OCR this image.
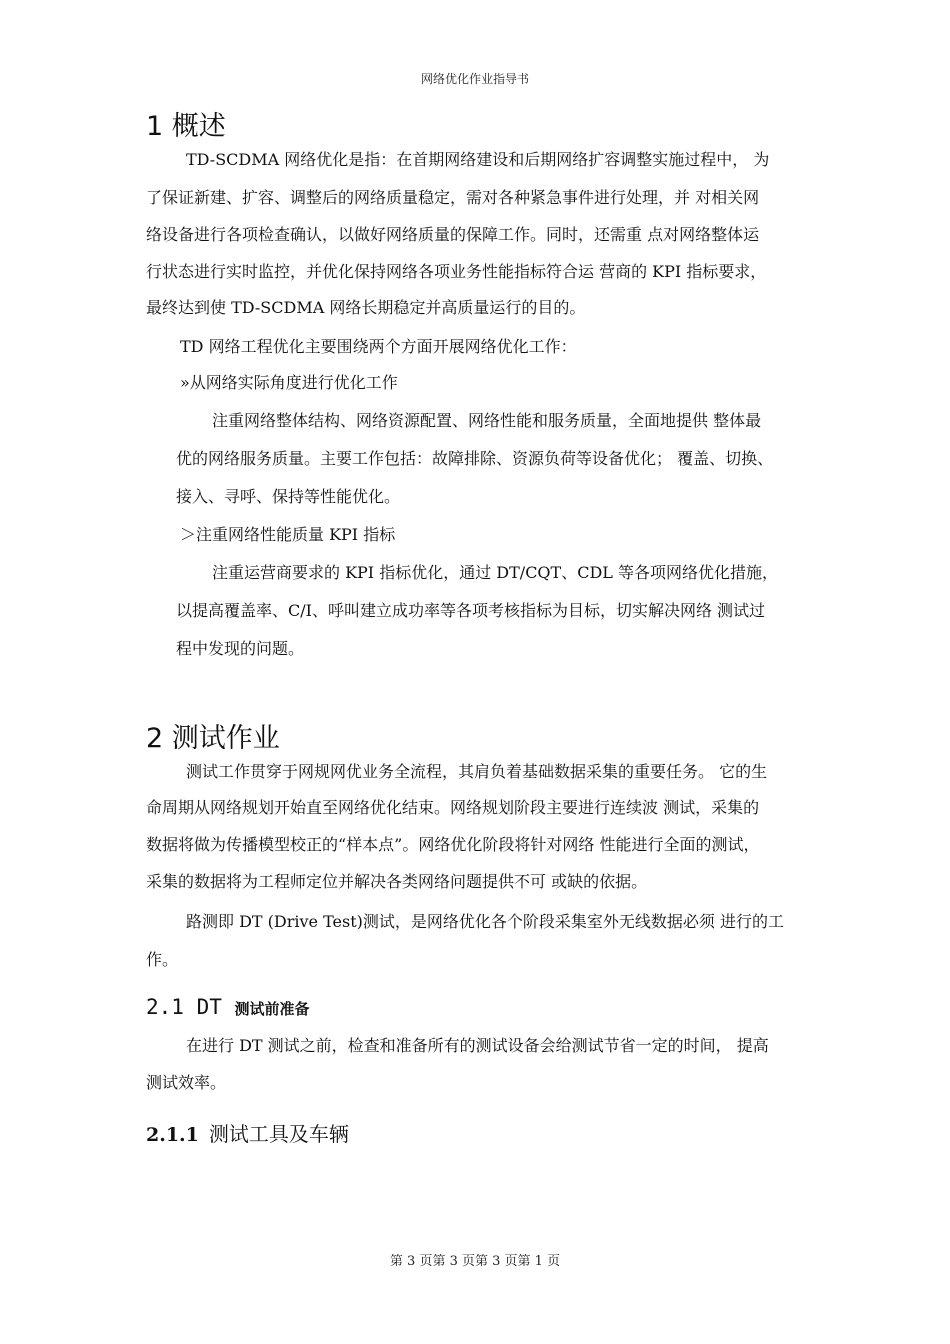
网络优化作业指导书
1 概述
TD-SCDMA 网络优化是指：在首期网络建设和后期网络扩容调整实施过程中， 为
了保证新建、扩容、调整后的网络质量稳定，需对各种紧急事件进行处理，并 对相关网
络设备进行各项检查确认，以做好网络质量的保障工作。同时，还需重 点对网络整体运
行状态进行实时监控，并优化保持网络各项业务性能指标符合运 营商的 KPI 指标要求，
最终达到使 TD-SCDMA 网络长期稳定并高质量运行的目的。
TD 网络工程优化主要围绕两个方面开展网络优化工作：
»从网络实际角度进行优化工作
注重网络整体结构、网络资源配置、网络性能和服务质量，全面地提供 整体最
优的网络服务质量。主要工作包括：故障排除、资源负荷等设备优化； 覆盖、切换、
接入、寻呼、保持等性能优化。
＞注重网络性能质量 KPI 指标
注重运营商要求的 KPI 指标优化，通过 DT/CQT、CDL 等各项网络优化措施，
以提高覆盖率、C/I、呼叫建立成功率等各项考核指标为目标，切实解决网络 测试过
程中发现的问题。
2 测试作业
测试工作贯穿于网规网优业务全流程，其肩负着基础数据采集的重要任务。 它的生
命周期从网络规划开始直至网络优化结束。网络规划阶段主要进行连续波 测试，采集的
数据将做为传播模型校正的“样本点”。网络优化阶段将针对网络 性能进行全面的测试，
采集的数据将为工程师定位并解决各类网络问题提供不可 或缺的依据。
路测即 DT (Drive Test)测试，是网络优化各个阶段采集室外无线数据必须 进行的工
作。
2.1 DT 测试前准备
在进行 DT 测试之前，检查和准备所有的测试设备会给测试节省一定的时间， 提高
测试效率。
2.1.1 测试工具及车辆
第 3 页第 3 页第 3 页第 1 页
